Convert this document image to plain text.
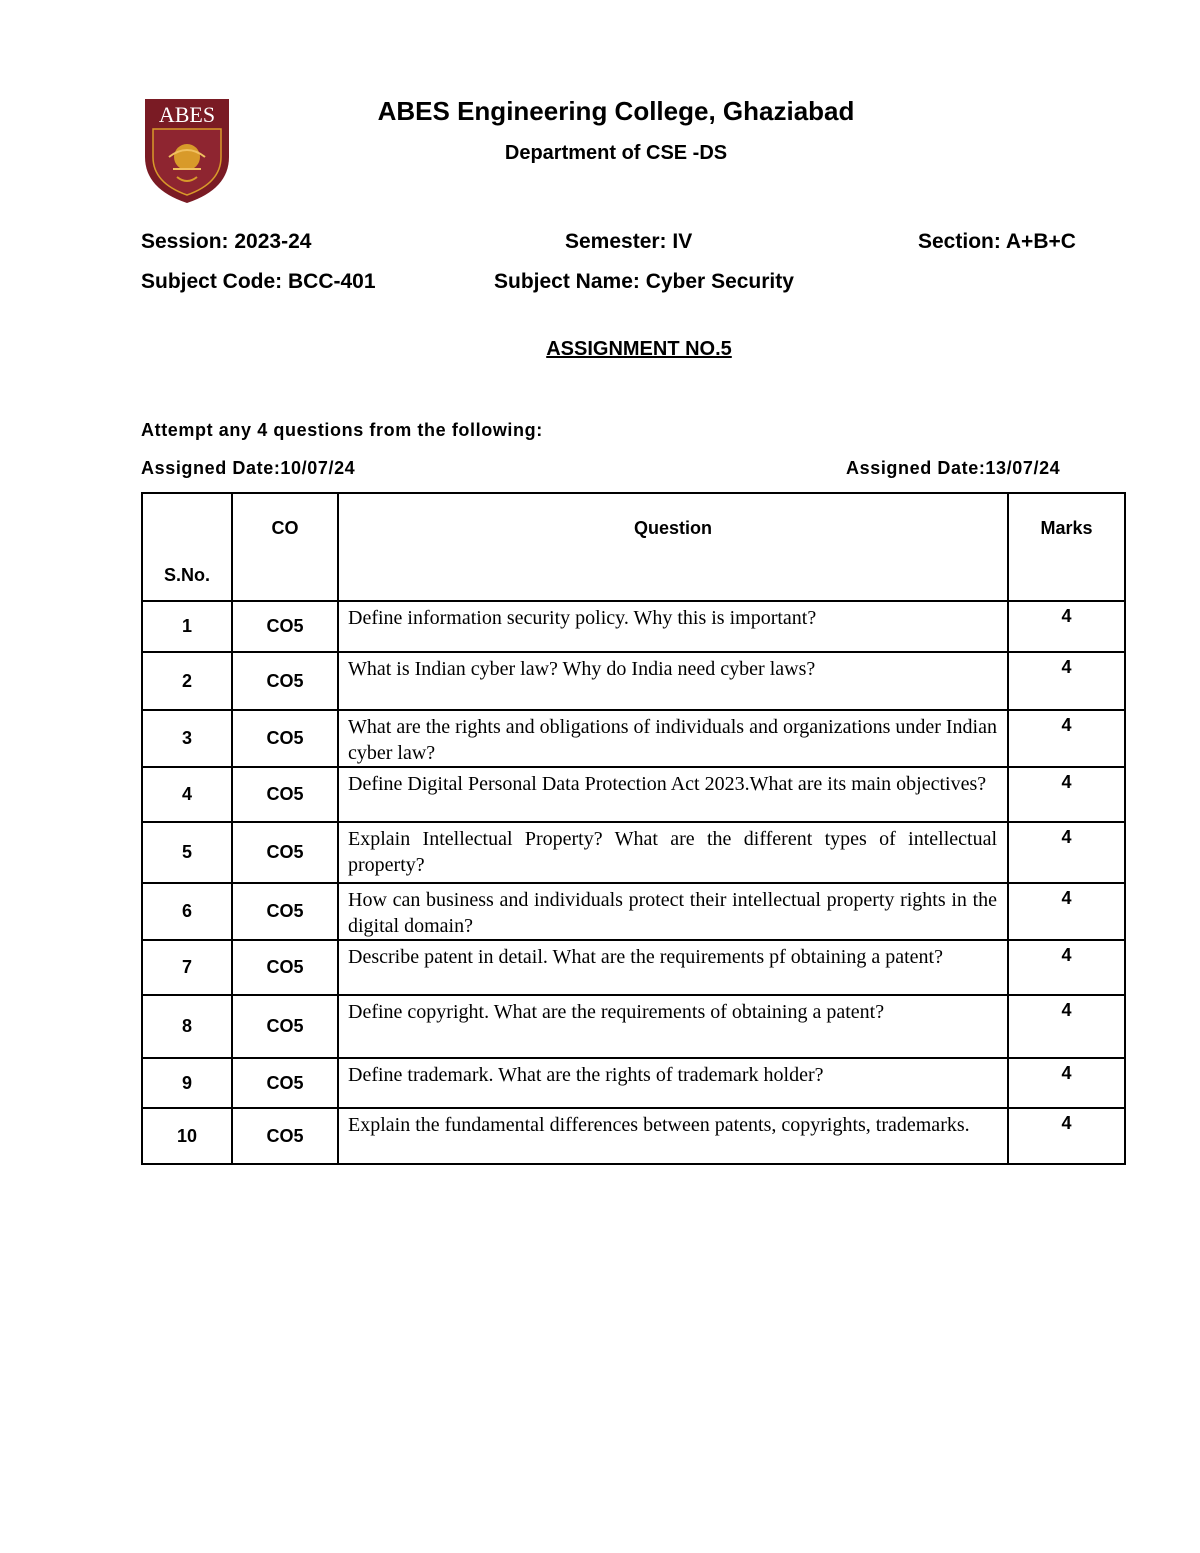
ABES	ABES Engineering College, Ghaziabad
Department of CSE -DS
Session: 2023-24	Semester: IV	Section: A+B+C
Subject Code: BCC-401	Subject Name: Cyber Security
ASSIGNMENT NO.5
Attempt any 4 questions from the following:
Assigned Date:10/07/24	Assigned Date:13/07/24
S.No.	CO	Question	Marks
1	CO5	Define information security policy. Why this is important?	4
2	CO5	What is Indian cyber law? Why do India need cyber laws?	4
3	CO5	What are the rights and obligations of individuals and organizations under Indian cyber law?	4
4	CO5	Define Digital Personal Data Protection Act 2023.What are its main objectives?	4
5	CO5	Explain Intellectual Property? What are the different types of intellectual property?	4
6	CO5	How can business and individuals protect their intellectual property rights in the digital domain?	4
7	CO5	Describe patent in detail. What are the requirements pf obtaining a patent?	4
8	CO5	Define copyright. What are the requirements of obtaining a patent?	4
9	CO5	Define trademark. What are the rights of trademark holder?	4
10	CO5	Explain the fundamental differences between patents, copyrights, trademarks.	4
